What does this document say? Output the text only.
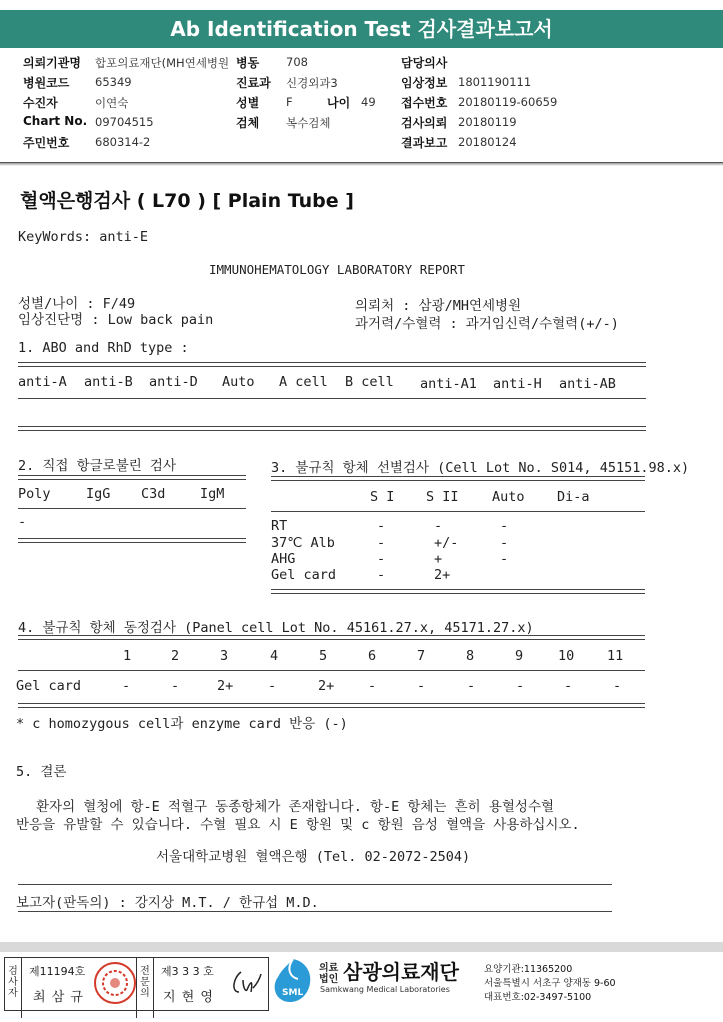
Ab Identification Test 검사결과보고서
의뢰기관명 합포의료재단(MH연세병원 병동 708	담당의사
병원코드 65349	진료과 신경외과3	임상정보 1801190111
수진자	이연숙	성별 F	나이 49 접수번호 20180119-60659
Chart No. 09704515	검체 복수검체	검사의뢰 20180119
주민번호 680314-2	결과보고 20180124
혈액은행검사 ( L70 ) [ Plain Tube ]
KeyWords: anti-E
IMMUNOHEMATOLOGY LABORATORY REPORT
성별/나이 : F/49
임상진단명 : Low back pain
의뢰처 : 삼광/MH연세병원
과거력/수혈력 : 과거임신력/수혈력(+/-)
1. ABO and RhD type :
anti-A anti-B anti-D Auto A cell B cell anti-A1 anti-H anti-AB
2. 직접 항글로불린 검사
Poly	IgG C3d	IgM
-
3. 불규칙 항체 선별검사 (Cell Lot No. S014, 45151.98.x)
S I S II Auto Di-a
RT	-	-	-
37℃ Alb	-	+/-	-
AHG	-	+	-
Gel card	-	2+
4. 불규칙 항체 동정검사 (Panel cell Lot No. 45161.27.x, 45171.27.x)
1	2	3	4	5	6	7	8	9	10 11
Gel card	-	-	2+	-	2+ -	-	-	-	-	-
* c homozygous cell과 enzyme card 반응 (-)
5. 결론
환자의 혈청에 항-E 적혈구 동종항체가 존재합니다. 항-E 항체는 흔히 용혈성수혈
반응을 유발할 수 있습니다. 수혈 필요 시 E 항원 및 c 항원 음성 혈액을 사용하십시오.
서울대학교병원 혈액은행 (Tel. 02-2072-2504)
보고자(판독의) : 강지상 M.T. / 한규섭 M.D.
검사자
제11194호
최 삼 규
전문의
제3 3 3 호
지 현 영	SML
의료법인 삼광의료재단
Samkwang Medical Laboratories
요양기관:11365200
서울특별시 서초구 양재동 9-60
대표번호:02-3497-5100
